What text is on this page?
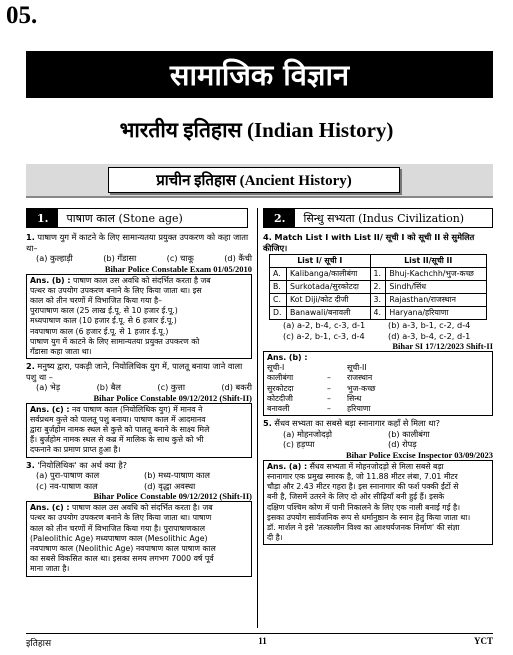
05.
सामाजिक विज्ञान
भारतीय इतिहास (Indian History)
प्राचीन इतिहास (Ancient History)
1.	पाषाण काल (Stone age)
1. पाषाण युग में काटने के लिए सामान्यतया प्रयुक्त उपकरण को कहा जाता था–
(a) कुल्हाड़ी	(b) गँडासा	(c) चाकू	(d) कैंची
Bihar Police Constable Exam 01/05/2010
Ans. (b) : पाषाण काल उस अवधि को संदर्भित करता है जब
पत्थर का उपयोग उपकरण बनाने के लिए किया जाता था। इस
काल को तीन चरणों में विभाजित किया गया है–
पुरापाषाण काल (25 लाख ई.पू. से 10 हजार ई.पू.)
मध्यपाषाण काल (10 हजार ई.पू. से 6 हजार ई.पू.)
नवपाषाण काल (6 हजार ई.पू. से 1 हजार ई.पू.)
पाषाण युग में काटने के लिए सामान्यतया प्रयुक्त उपकरण को
गँडासा कहा जाता था।
2. मनुष्य द्वारा, पकड़ी जाने, नियोलिथिक युग में, पालतू बनाया जाने वाला पशु था –
(a) भेड़	(b) बैल	(c) कुत्ता	(d) बकरी
Bihar Police Constable 09/12/2012 (Shift-II)
Ans. (c) : नव पाषाण काल (नियोलिथिक युग) में मानव ने
सर्वप्रथम कुत्ते को पालतू पशु बनाया। पाषाण काल में आदमानव
द्वारा बुर्जहोम नामक स्थल से कुत्ते को पालतू बनाने के साक्ष्य मिले
हैं। बुर्जहोम नामक स्थल से कब्र में मालिक के साथ कुत्ते को भी
दफनाने का प्रमाण प्राप्त हुआ है।
3. 'नियोलिथिक' का अर्थ क्या है?
(a) पुरा-पाषाण काल	(b) मध्य-पाषाण काल
(c) नव-पाषाण काल	(d) वृद्धा अवस्था
Bihar Police Constable 09/12/2012 (Shift-II)
Ans. (c) : पाषाण काल उस अवधि को संदर्भित करता है। जब
पत्थर का उपयोग उपकरण बनाने के लिए किया जाता था। पाषाण
काल को तीन चरणों में विभाजित किया गया है। पुरापाषाणकाल
(Paleolithic Age) मध्यपाषाण काल (Mesolithic Age)
नवपाषाण काल (Neolithic Age) नवपाषाण काल पाषाण काल
का सबसे विकसित काल था। इसका समय लगभग 7000 वर्ष पूर्व
माना जाता है।
2.	सिन्धु सभ्यता (Indus Civilization)
4. Match List I with List II/ सूची I को सूची II से सुमेलित कीजिए।
List I/ सूची I		List II/सूची II	
A.	Kalibanga/कालीबंगा	1.	Bhuj-Kachchh/भुज-कच्छ
B.	Surkotada/सुरकोटदा	2.	Sindh/सिंध
C.	Kot Diji/कोट दीजी	3.	Rajasthan/राजस्थान
D.	Banawali/बनावली	4.	Haryana/हरियाणा
(a) a-2, b-4, c-3, d-1	(b) a-3, b-1, c-2, d-4
(c) a-2, b-1, c-3, d-4	(d) a-3, b-4, c-2, d-1
Bihar SI 17/12/2023 Shift-II
Ans. (b) :
सूची-I	सूची-II
कालीबंगा	–	राजस्थान
सुरकोटदा	–	भुज-कच्छ
कोटदीजी	–	सिन्ध
बनावली	–	हरियाणा
5. सैंधव सभ्यता का सबसे बड़ा स्नानागार कहाँ से मिला था?
(a) मोहनजोदड़ो	(b) कालीबंगा
(c) हड़प्पा	(d) रोपड़
Bihar Police Excise Inspector 03/09/2023
Ans. (a) : सैंधव सभ्यता में मोहनजोदड़ो से मिला सबसे बड़ा
स्नानागार एक प्रमुख स्मारक है, जो 11.88 मीटर लंबा, 7.01 मीटर
चौड़ा और 2.43 मीटर गहरा है। इस स्नानागार की फर्श पक्की ईंटों से
बनी है, जिसमें उतरने के लिए दो ओर सीढ़ियाँ बनी हुई हैं। इसके
दक्षिण पश्चिम कोण में पानी निकालने के लिए एक नाली बनाई गई है।
इसका उपयोग सार्वजनिक रूप से धर्मानुष्ठान के स्नान हेतु किया जाता था।
डॉ. मार्शल ने इसे 'तत्कालीन विश्व का आश्चर्यजनक निर्माण' की संज्ञा
दी है।
इतिहास	11	YCT
